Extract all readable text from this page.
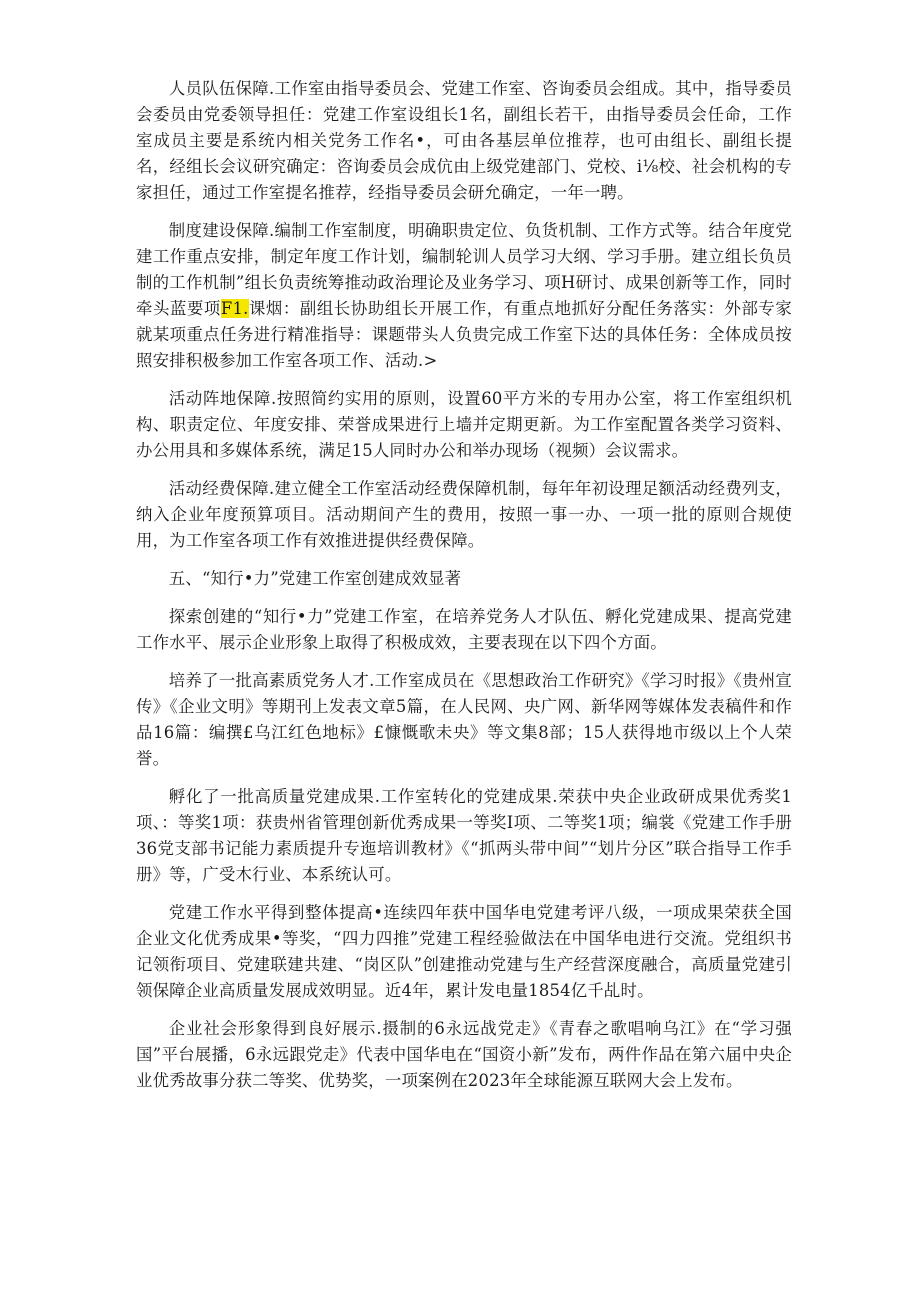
人员队伍保障.工作室由指导委员会、党建工作室、咨询委员会组成。其中，指导委员会委员由党委领导担任：党建工作室设组长1名，副组长若干，由指导委员会任命，工作室成员主要是系统内相关党务工作名•，可由各基层单位推荐，也可由组长、副组长提名，经组长会议研究确定：咨询委员会成伉由上级党建部门、党校、i⅛校、社会机构的专家担任，通过工作室提名推荐，经指导委员会研允确定，一年一聘。

制度建设保障.编制工作室制度，明确职贵定位、负货机制、工作方式等。结合年度党建工作重点安排，制定年度工作计划，编制轮训人员学习大纲、学习手册。建立组长负员制的工作机制”组长负责统筹推动政治理论及业务学习、项H研讨、成果创新等工作，同时牵头蓝要项F1.课烟：副组长协助组长开展工作，有重点地抓好分配任务落实：外部专家就某项重点任务进行精准指导：课题带头人负贵完成工作室下达的具体任务：全体成员按照安排积极参加工作室各项工作、活动.>

活动阵地保障.按照简约实用的原则，设置60平方米的专用办公室，将工作室组织机构、职责定位、年度安排、荣誉成果进行上墙并定期更新。为工作室配置各类学习资料、办公用具和多媒体系统，满足15人同时办公和举办现场（视频）会议需求。

活动经费保障.建立健全工作室活动经费保障机制，每年年初设理足额活动经费列支，纳入企业年度预算项目。活动期间产生的费用，按照一事一办、一项一批的原则合规使用，为工作室各项工作有效推进提供经费保障。

五、“知行•力”党建工作室创建成效显著

探索创建的“知行•力”党建工作室，在培养党务人才队伍、孵化党建成果、提高党建工作水平、展示企业形象上取得了积极成效，主要表现在以下四个方面。

培养了一批高素质党务人才.工作室成员在《思想政治工作研究》《学习时报》《贵州宣传》《企业文明》等期刊上发表文章5篇，在人民网、央广网、新华网等媒体发表稿件和作品16篇：编撰£乌江红色地标》£慷慨歌未央》等文集8部；15人获得地市级以上个人荣誉。

孵化了一批高质量党建成果.工作室转化的党建成果.荣获中央企业政研成果优秀奖1项、：等奖1项：获贵州省管理创新优秀成果一等奖I项、二等奖1项；编裳《党建工作手册36党支部书记能力素质提升专迤培训教材》《“抓两头带中间”“划片分区”联合指导工作手册》等，广受木行业、本系统认可。

党建工作水平得到整体提高•连续四年获中国华电党建考评八级，一项成果荣获全国企业文化优秀成果•等奖，“四力四推”党建工程经验做法在中国华电进行交流。党组织书记领衔项目、党建联建共建、“岗区队”创建推动党建与生产经营深度融合，高质量党建引领保障企业高质量发展成效明显。近4年，累计发电量1854亿千乩时。

企业社会形象得到良好展示.摄制的6永远战党走》《青春之歌唱响乌江》在“学习强国”平台展播，6永远跟党走》代表中国华电在“国资小新”发布，两件作品在第六届中央企业优秀故事分获二等奖、优势奖，一项案例在2023年全球能源互联网大会上发布。
